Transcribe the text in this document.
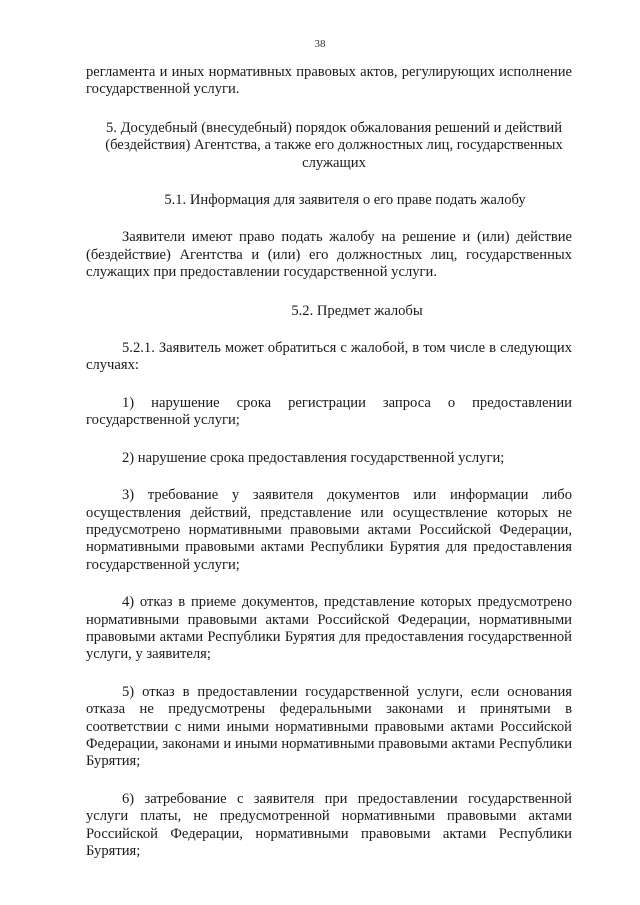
38

регламента и иных нормативных правовых актов, регулирующих исполнение государственной услуги.

5. Досудебный (внесудебный) порядок обжалования решений и действий (бездействия) Агентства, а также его должностных лиц, государственных служащих

5.1. Информация для заявителя о его праве подать жалобу

Заявители имеют право подать жалобу на решение и (или) действие (бездействие) Агентства и (или) его должностных лиц, государственных служащих при предоставлении государственной услуги.

5.2. Предмет жалобы

5.2.1. Заявитель может обратиться с жалобой, в том числе в следующих случаях:

1) нарушение срока регистрации запроса о предоставлении государственной услуги;

2) нарушение срока предоставления государственной услуги;

3) требование у заявителя документов или информации либо осуществления действий, представление или осуществление которых не предусмотрено нормативными правовыми актами Российской Федерации, нормативными правовыми актами Республики Бурятия для предоставления государственной услуги;

4) отказ в приеме документов, представление которых предусмотрено нормативными правовыми актами Российской Федерации, нормативными правовыми актами Республики Бурятия для предоставления государственной услуги, у заявителя;

5) отказ в предоставлении государственной услуги, если основания отказа не предусмотрены федеральными законами и принятыми в соответствии с ними иными нормативными правовыми актами Российской Федерации, законами и иными нормативными правовыми актами Республики Бурятия;

6) затребование с заявителя при предоставлении государственной услуги платы, не предусмотренной нормативными правовыми актами Российской Федерации, нормативными правовыми актами Республики Бурятия;
